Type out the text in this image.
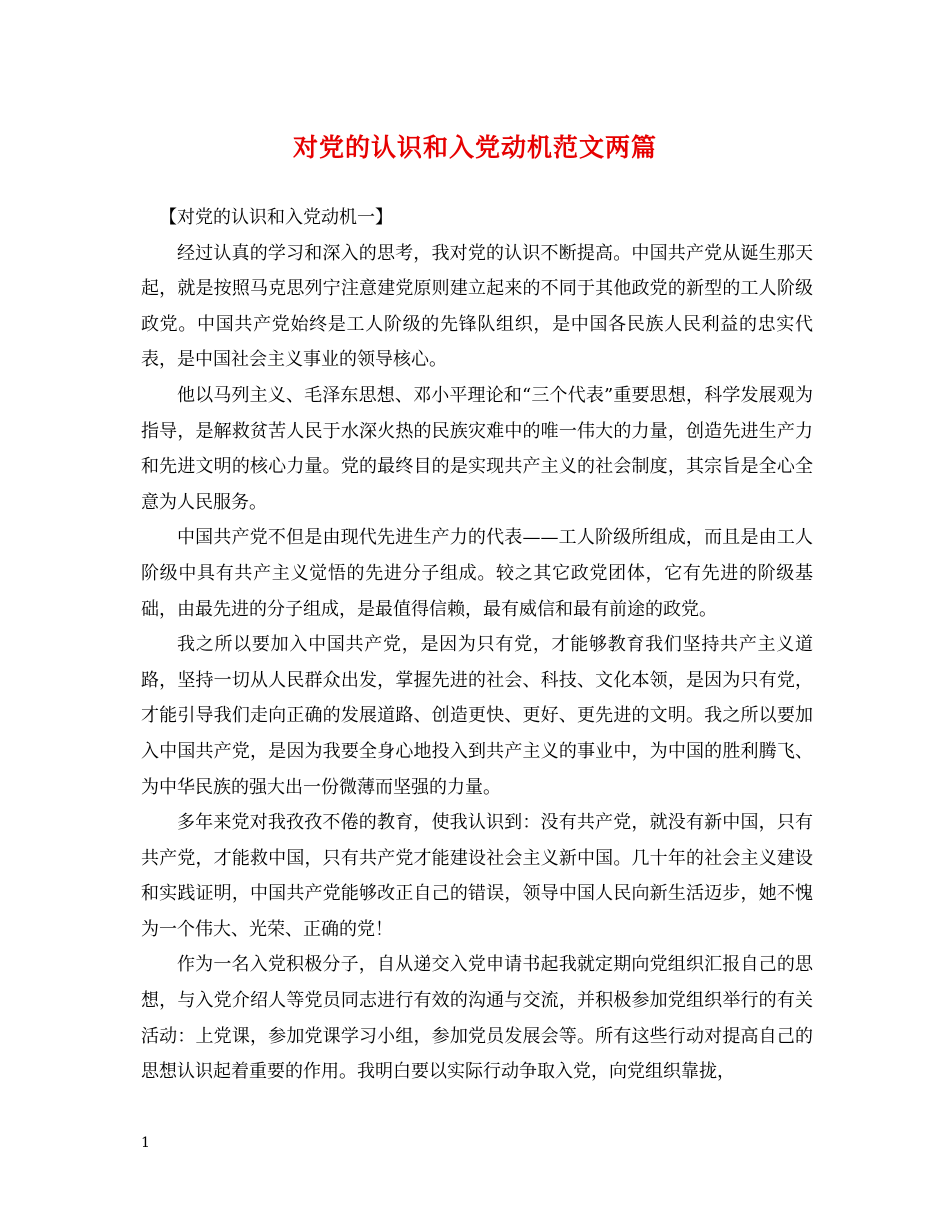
对党的认识和入党动机范文两篇

【对党的认识和入党动机一】

经过认真的学习和深入的思考，我对党的认识不断提高。中国共产党从诞生那天起，就是按照马克思列宁注意建党原则建立起来的不同于其他政党的新型的工人阶级政党。中国共产党始终是工人阶级的先锋队组织，是中国各民族人民利益的忠实代表，是中国社会主义事业的领导核心。

他以马列主义、毛泽东思想、邓小平理论和“三个代表”重要思想，科学发展观为指导，是解救贫苦人民于水深火热的民族灾难中的唯一伟大的力量，创造先进生产力和先进文明的核心力量。党的最终目的是实现共产主义的社会制度，其宗旨是全心全意为人民服务。

中国共产党不但是由现代先进生产力的代表——工人阶级所组成，而且是由工人阶级中具有共产主义觉悟的先进分子组成。较之其它政党团体，它有先进的阶级基础，由最先进的分子组成，是最值得信赖，最有威信和最有前途的政党。

我之所以要加入中国共产党，是因为只有党，才能够教育我们坚持共产主义道路，坚持一切从人民群众出发，掌握先进的社会、科技、文化本领，是因为只有党，才能引导我们走向正确的发展道路、创造更快、更好、更先进的文明。我之所以要加入中国共产党，是因为我要全身心地投入到共产主义的事业中，为中国的胜利腾飞、为中华民族的强大出一份微薄而坚强的力量。

多年来党对我孜孜不倦的教育，使我认识到：没有共产党，就没有新中国，只有共产党，才能救中国，只有共产党才能建设社会主义新中国。几十年的社会主义建设和实践证明，中国共产党能够改正自己的错误，领导中国人民向新生活迈步，她不愧为一个伟大、光荣、正确的党！

作为一名入党积极分子，自从递交入党申请书起我就定期向党组织汇报自己的思想，与入党介绍人等党员同志进行有效的沟通与交流，并积极参加党组织举行的有关活动：上党课，参加党课学习小组，参加党员发展会等。所有这些行动对提高自己的思想认识起着重要的作用。我明白要以实际行动争取入党，向党组织靠拢，

1
